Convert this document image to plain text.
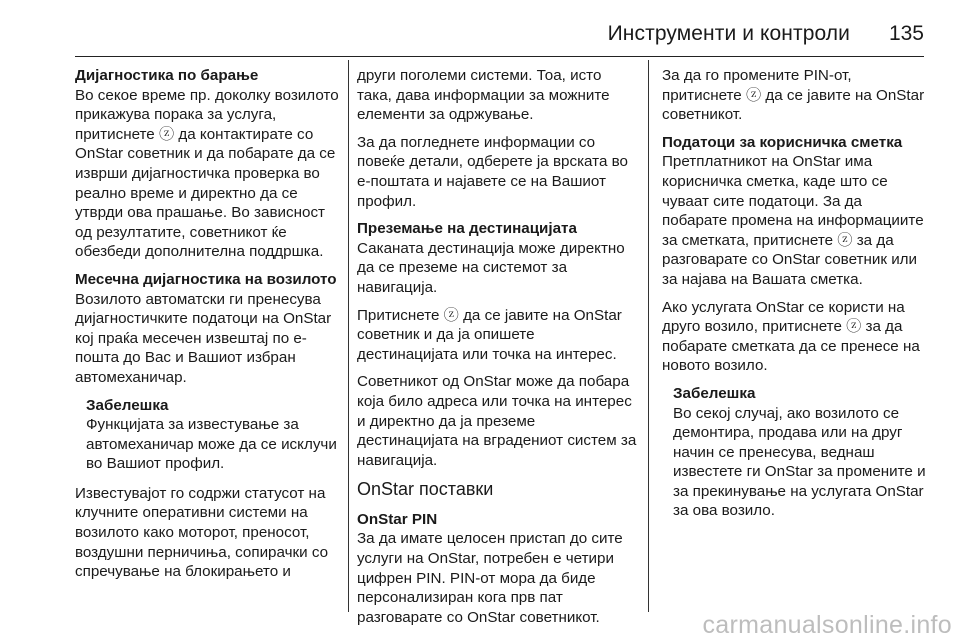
Инструменти и контроли 135

Дијагностика по барање

Во секое време пр. доколку возилото прикажува порака за услуга, притиснете ⓩ да контактирате со OnStar советник и да побарате да се изврши дијагностичка проверка во реално време и директно да се утврди ова прашање. Во зависност од резултатите, советникот ќе обезбеди дополнителна поддршка.

Месечна дијагностика на возилото

Возилото автоматски ги пренесува дијагностичките податоци на OnStar кој праќа месечен извештај по е-пошта до Вас и Вашиот избран автомеханичар.

Забелешка
Функцијата за известување за автомеханичар може да се исклучи во Вашиот профил.

Известувајот го содржи статусот на клучните оперативни системи на возилото како моторот, преносот, воздушни перничиња, сопирачки со спречување на блокирањето и

други поголеми системи. Тоа, исто така, дава информации за можните елементи за одржување.

За да погледнете информации со повеќе детали, одберете ја врската во е-поштата и најавете се на Вашиот профил.

Преземање на дестинацијата

Саканата дестинација може директно да се преземе на системот за навигација.

Притиснете ⓩ да се јавите на OnStar советник и да ја опишете дестинацијата или точка на интерес.

Советникот од OnStar може да побара која било адреса или точка на интерес и директно да ја преземе дестинацијата на вградениот систем за навигација.

OnStar поставки

OnStar PIN

За да имате целосен пристап до сите услуги на OnStar, потребен е четири цифрен PIN. PIN-от мора да биде персонализиран кога прв пат разговарате со OnStar советникот.

За да го промените PIN-от, притиснете ⓩ да се јавите на OnStar советникот.

Податоци за корисничка сметка

Претплатникот на OnStar има корисничка сметка, каде што се чуваат сите податоци. За да побарате промена на информациите за сметката, притиснете ⓩ за да разговарате со OnStar советник или за најава на Вашата сметка.

Ако услугата OnStar се користи на друго возило, притиснете ⓩ за да побарате сметката да се пренесе на новото возило.

Забелешка
Во секој случај, ако возилото се демонтира, продава или на друг начин се пренесува, веднаш известете ги OnStar за промените и за прекинување на услугата OnStar за ова возило.
carmanualsonline.info
